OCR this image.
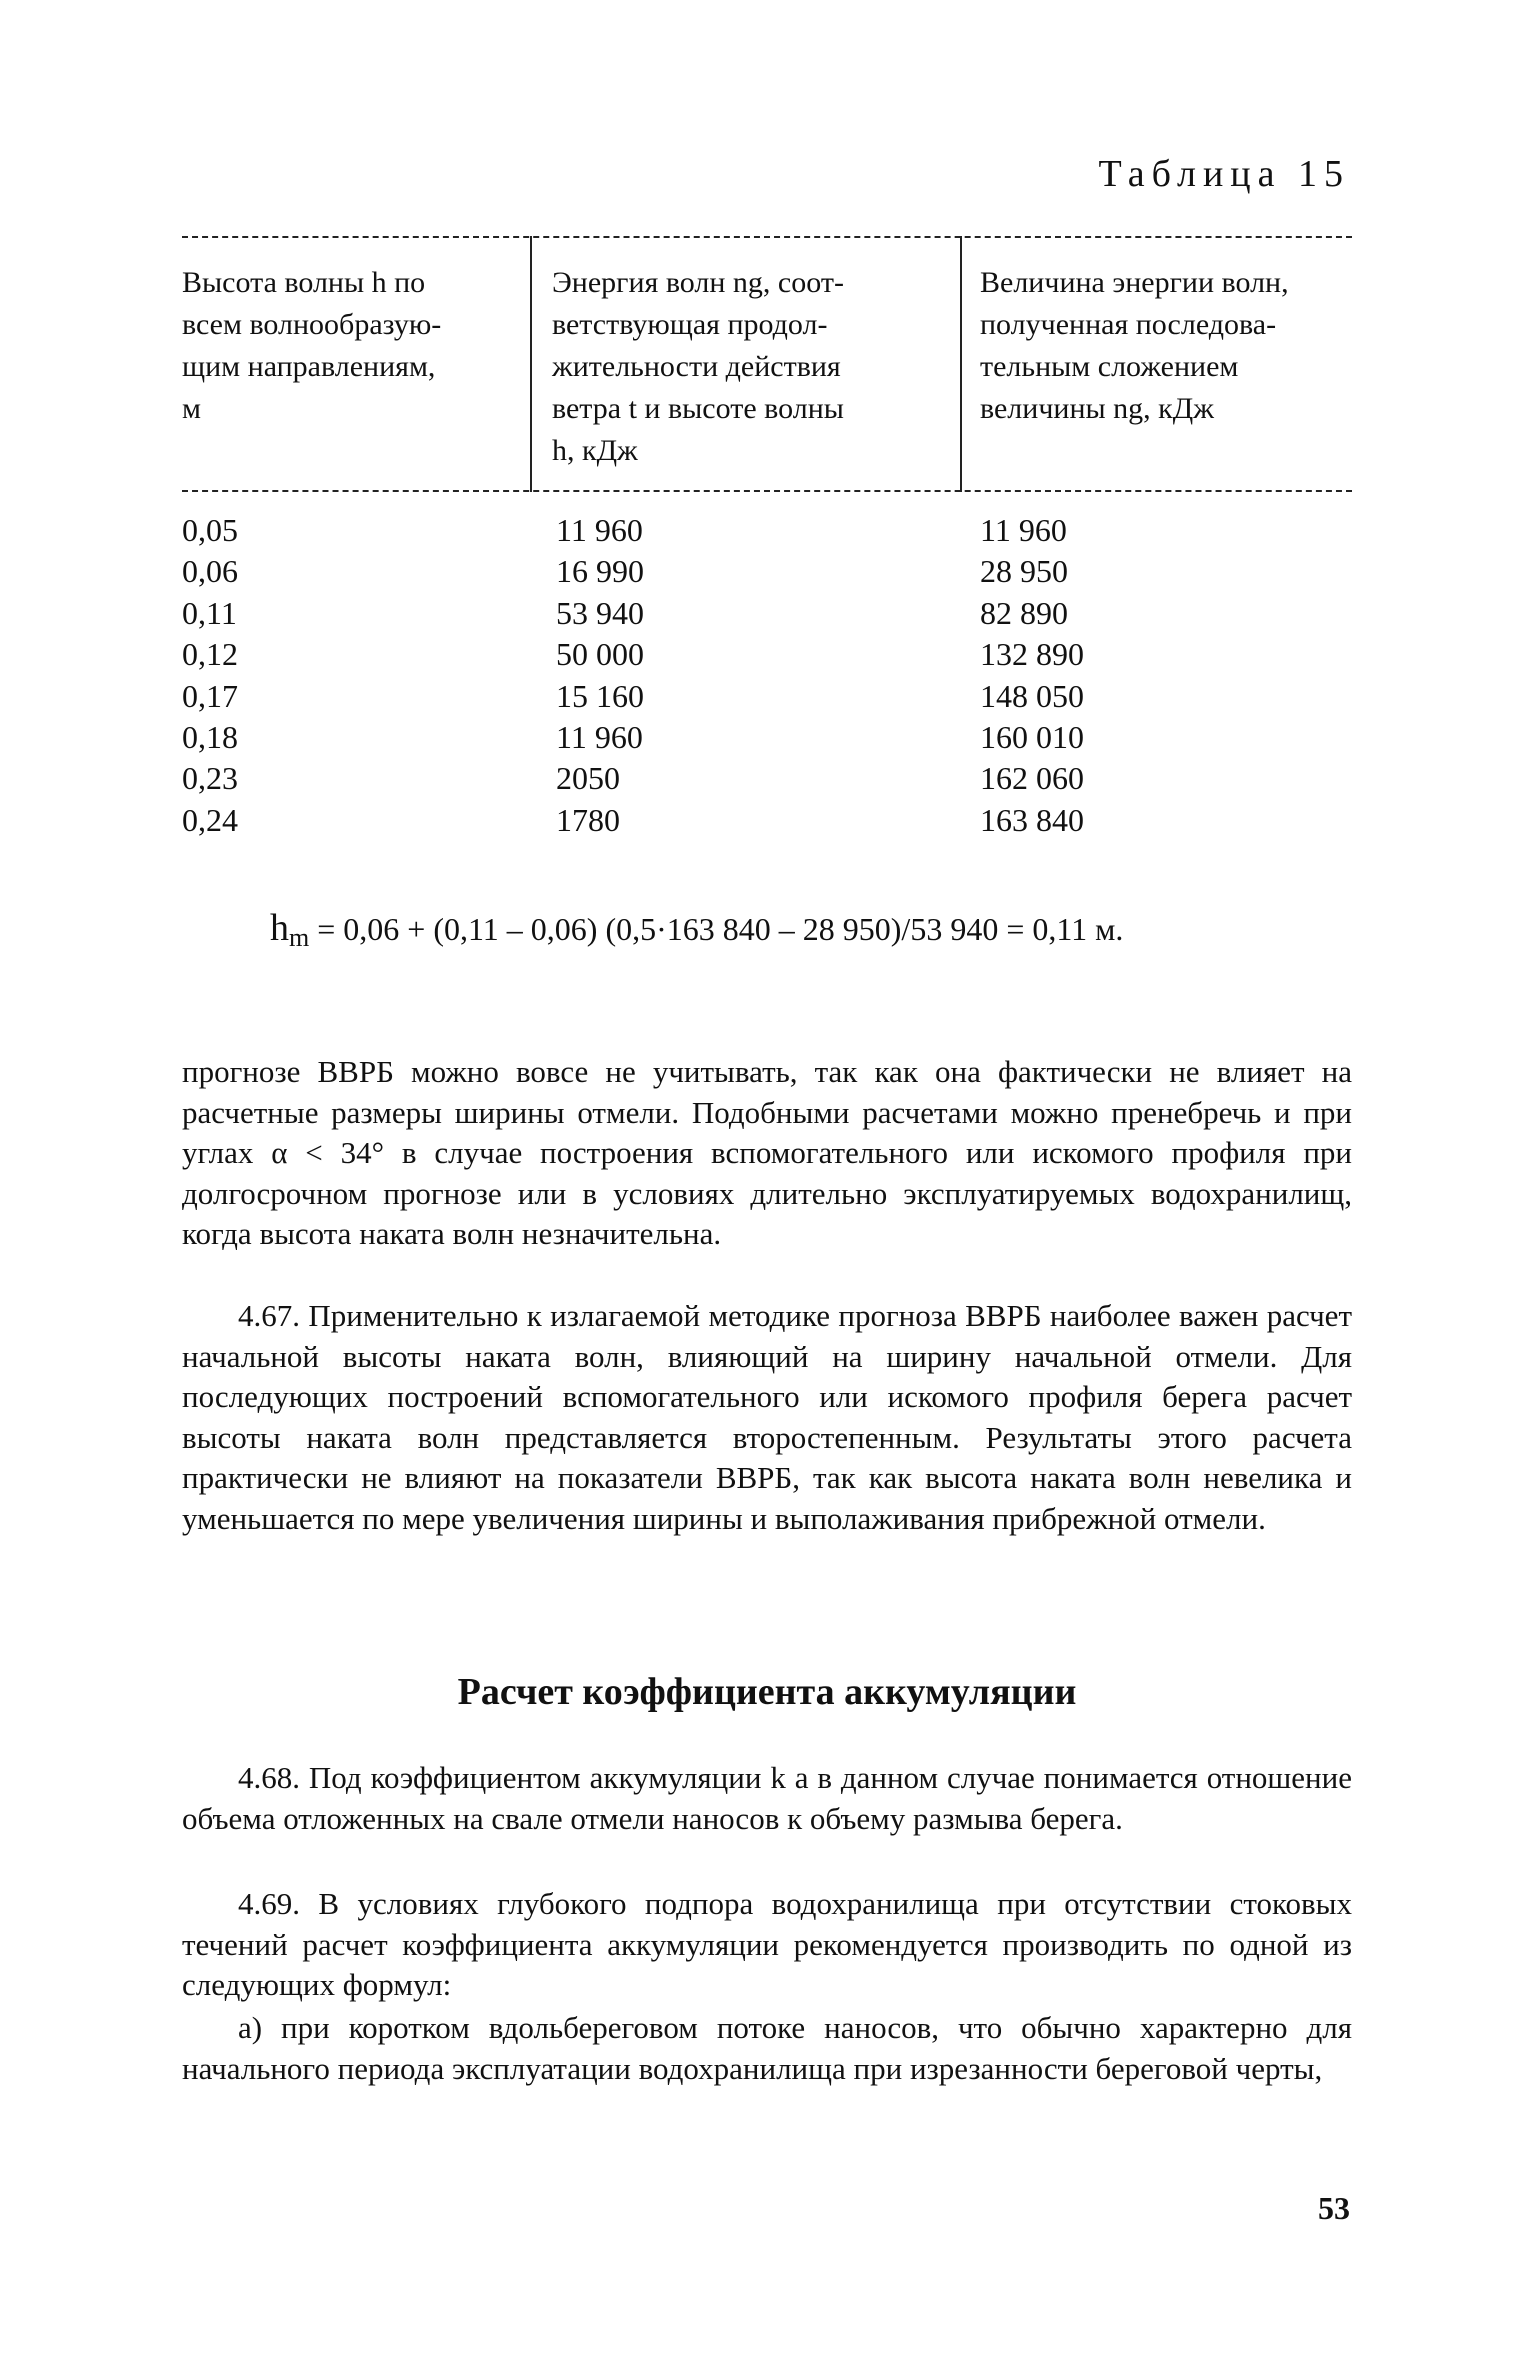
Таблица 15
Высота волны h по
всем волнообразую-
щим направлениям,
м
Энергия волн ng, соот-
ветствующая продол-
жительности действия
ветра t и высоте волны
h, кДж
Величина энергии волн,
полученная последова-
тельным сложением
величины ng, кДж
0,05
0,06
0,11
0,12
0,17
0,18
0,23
0,24
11 960
16 990
53 940
50 000
15 160
11 960
2050
1780
11 960
28 950
82 890
132 890
148 050
160 010
162 060
163 840
$h_m = 0,06 + (0,11 - 0,06)$ (0,5·163 840 – 28 950)/53 940 = 0,11 м.
прогнозе ВВРБ можно вовсе не учитывать, так как она фактически не влияет на расчетные размеры ширины отмели. Подобными расчетами можно пренебречь и при углах α < 34° в случае построения вспомогательного или искомого профиля при долгосрочном прогнозе или в условиях длительно эксплуатируемых водохранилищ, когда высота наката волн незначительна.
4.67. Применительно к излагаемой методике прогноза ВВРБ наиболее важен расчет начальной высоты наката волн, влияющий на ширину начальной отмели. Для последующих построений вспомогательного или искомого профиля берега расчет высоты наката волн представляется второстепенным. Результаты этого расчета практически не влияют на показатели ВВРБ, так как высота наката волн невелика и уменьшается по мере увеличения ширины и выполаживания прибрежной отмели.
Расчет коэффициента аккумуляции
4.68. Под коэффициентом аккумуляции k a в данном случае понимается отношение объема отложенных на свале отмели наносов к объему размыва берега.
4.69. В условиях глубокого подпора водохранилища при отсутствии стоковых течений расчет коэффициента аккумуляции рекомендуется производить по одной из следующих формул:
а) при коротком вдольбереговом потоке наносов, что обычно характерно для начального периода эксплуатации водохранилища при изрезанности береговой черты,
53
